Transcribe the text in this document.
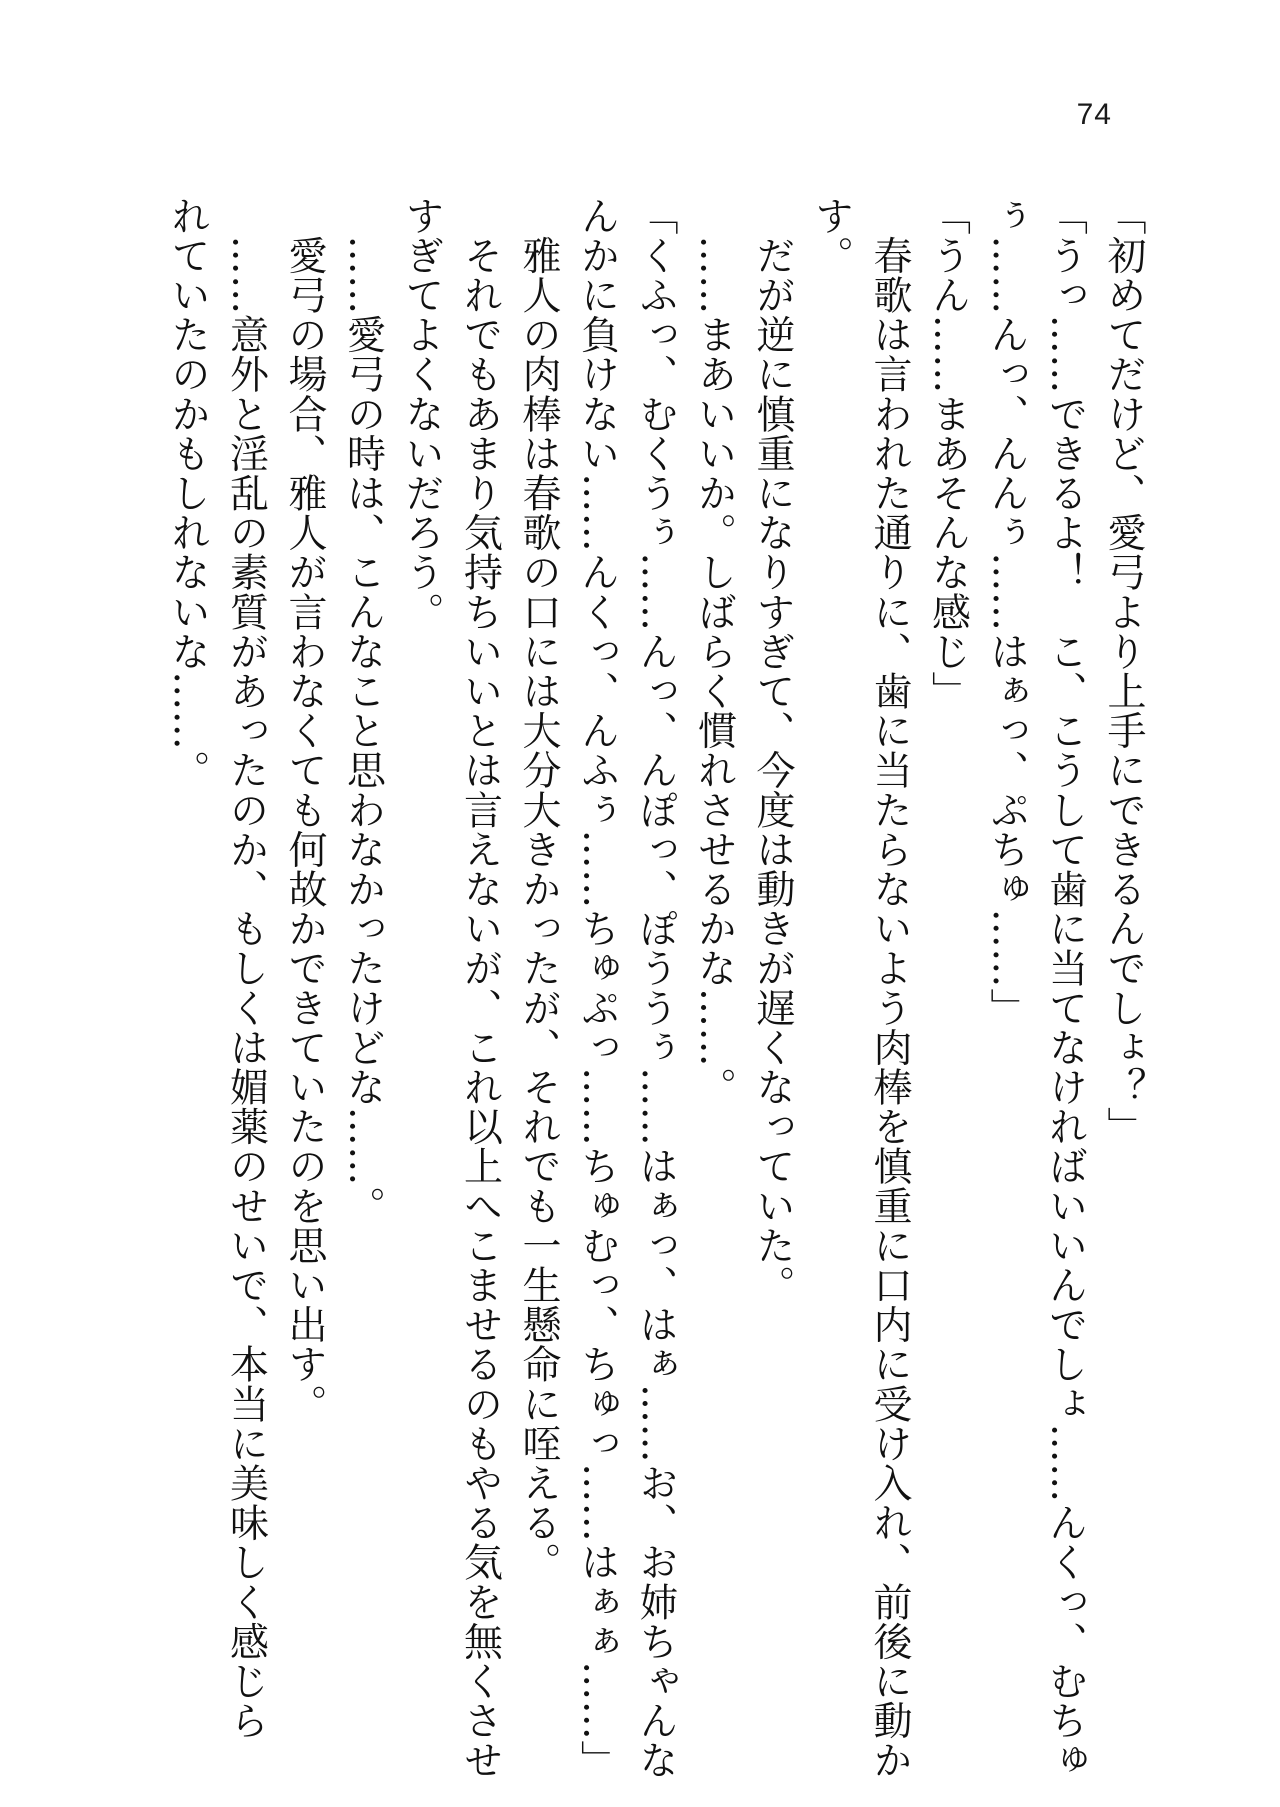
74
「初めてだけど、愛弓より上手にできるんでしょ？」
「うっ……できるよ！　こ、こうして歯に当てなければいいんでしょ……んくっ、むちゅ
ぅ……んっ、んんぅ……はぁっ、ぷちゅ……」
「うん……まあそんな感じ」
　春歌は言われた通りに、歯に当たらないよう肉棒を慎重に口内に受け入れ、前後に動か
す。
　だが逆に慎重になりすぎて、今度は動きが遅くなっていた。
　……まあいいか。しばらく慣れさせるかな……。
「くふっ、むくうぅ……んっ、んぽっ、ぽううぅ……はぁっ、はぁ……お、お姉ちゃんな
んかに負けない……んくっ、んふぅ……ちゅぷっ……ちゅむっ、ちゅっ……はぁぁ……」
　雅人の肉棒は春歌の口には大分大きかったが、それでも一生懸命に咥える。
　それでもあまり気持ちいいとは言えないが、これ以上へこませるのもやる気を無くさせ
すぎてよくないだろう。
　……愛弓の時は、こんなこと思わなかったけどな……。
　愛弓の場合、雅人が言わなくても何故かできていたのを思い出す。
　……意外と淫乱の素質があったのか、もしくは媚薬のせいで、本当に美味しく感じら
れていたのかもしれないな……。
